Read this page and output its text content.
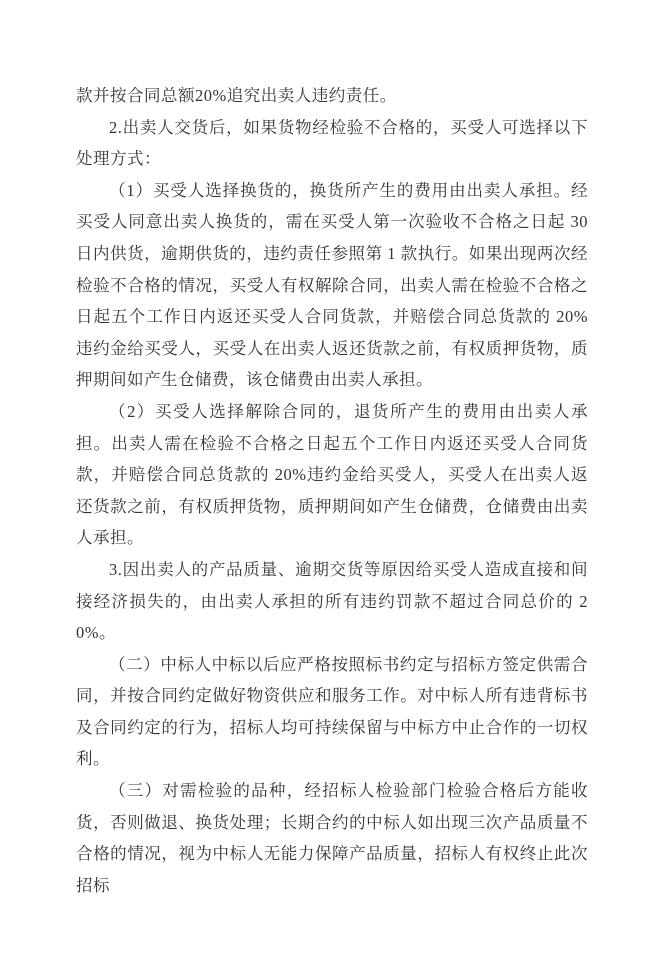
款并按合同总额20%追究出卖人违约责任。

2.出卖人交货后，如果货物经检验不合格的，买受人可选择以下处理方式：

（1）买受人选择换货的，换货所产生的费用由出卖人承担。经买受人同意出卖人换货的，需在买受人第一次验收不合格之日起 30 日内供货，逾期供货的，违约责任参照第 1 款执行。如果出现两次经检验不合格的情况，买受人有权解除合同，出卖人需在检验不合格之日起五个工作日内返还买受人合同货款，并赔偿合同总货款的 20%违约金给买受人，买受人在出卖人返还货款之前，有权质押货物，质押期间如产生仓储费，该仓储费由出卖人承担。

（2）买受人选择解除合同的，退货所产生的费用由出卖人承担。出卖人需在检验不合格之日起五个工作日内返还买受人合同货款，并赔偿合同总货款的 20%违约金给买受人，买受人在出卖人返还货款之前，有权质押货物，质押期间如产生仓储费，仓储费由出卖人承担。

3.因出卖人的产品质量、逾期交货等原因给买受人造成直接和间接经济损失的，由出卖人承担的所有违约罚款不超过合同总价的 20%。

（二）中标人中标以后应严格按照标书约定与招标方签定供需合同，并按合同约定做好物资供应和服务工作。对中标人所有违背标书及合同约定的行为，招标人均可持续保留与中标方中止合作的一切权利。

（三）对需检验的品种，经招标人检验部门检验合格后方能收货，否则做退、换货处理；长期合约的中标人如出现三次产品质量不合格的情况，视为中标人无能力保障产品质量，招标人有权终止此次招标
